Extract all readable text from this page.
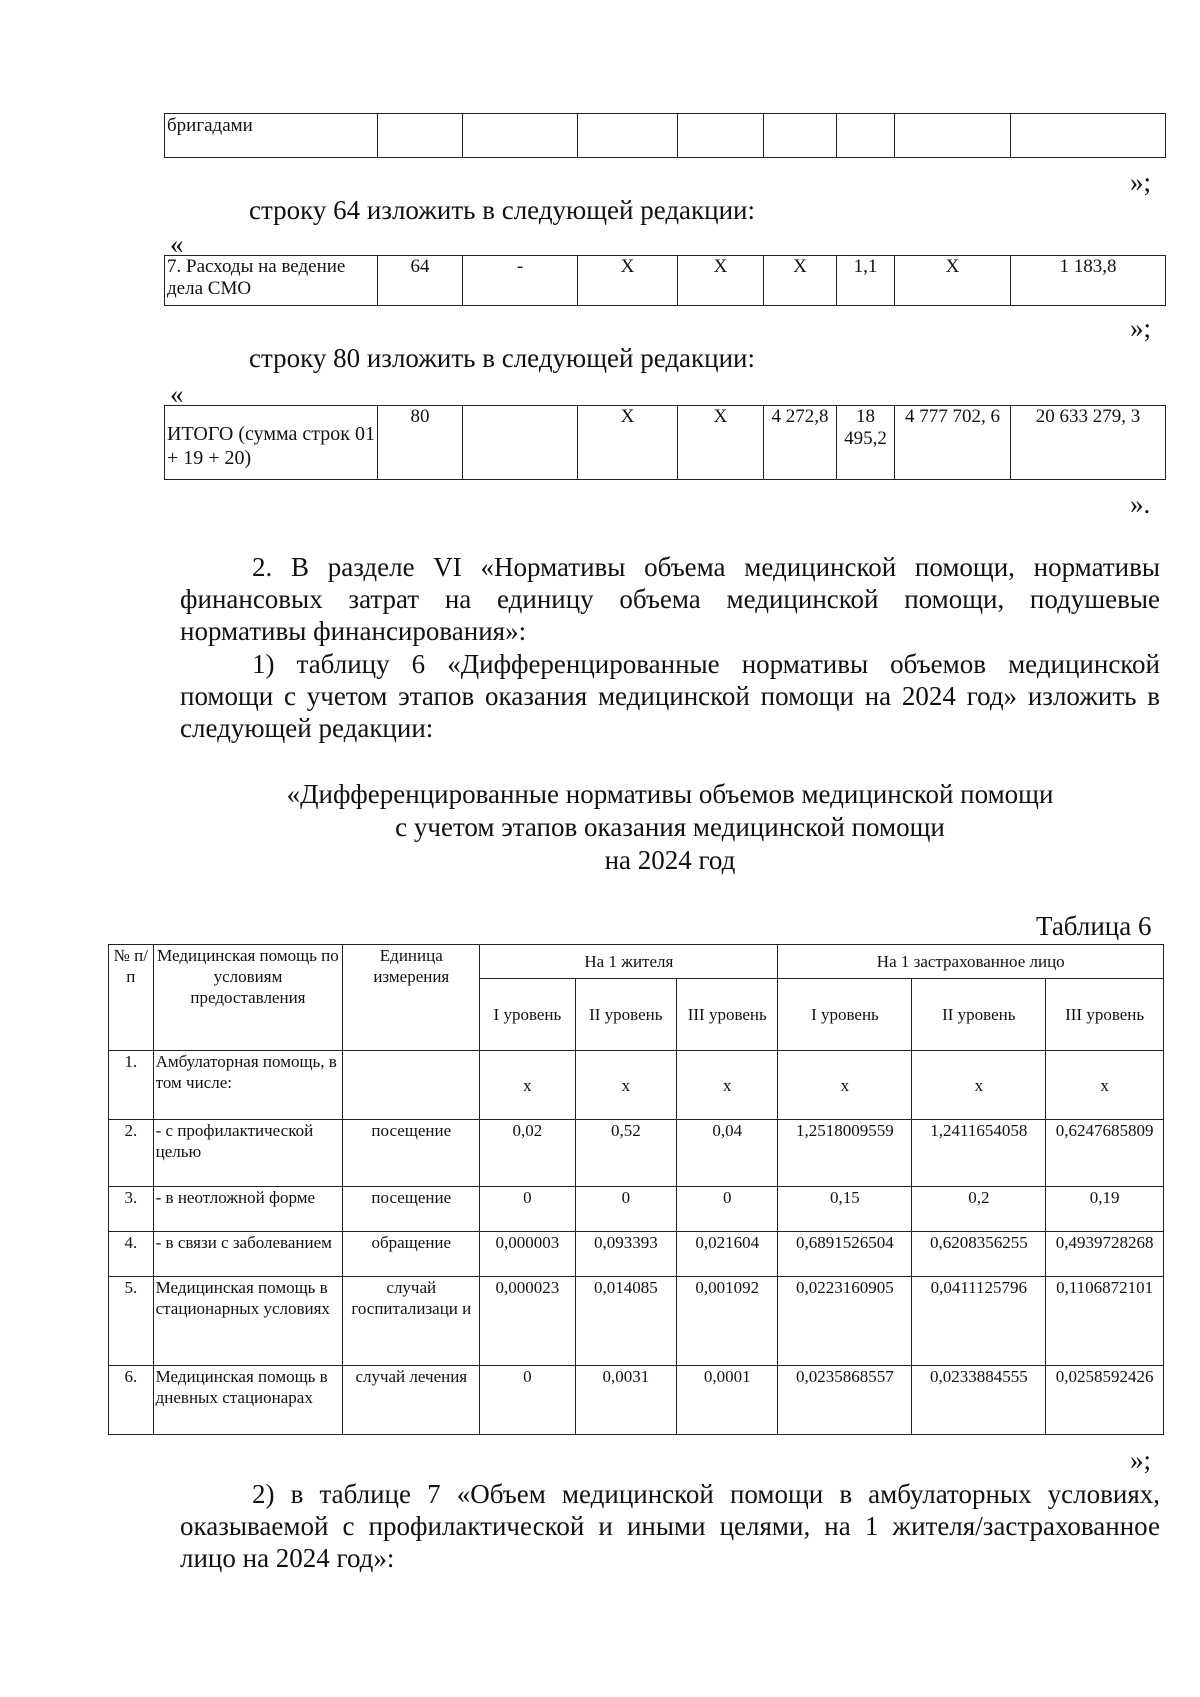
бригадами								
»;
строку 64 изложить в следующей редакции:
«
7. Расходы на ведение дела СМО	64	-	Х	Х	Х	1,1	Х	1 183,8	
»;
строку 80 изложить в следующей редакции:
«
ИТОГО (сумма строк 01 + 19 + 20)	80		Х	Х	4 272,8	18 495,2	4 777 702, 6	20 633 279, 3	
».
2. В разделе VI «Нормативы объема медицинской помощи, нормативы финансовых затрат на единицу объема медицинской помощи, подушевые нормативы финансирования»:
1) таблицу 6 «Дифференцированные нормативы объемов медицинской помощи с учетом этапов оказания медицинской помощи на 2024 год» изложить в следующей редакции:
«Дифференцированные нормативы объемов медицинской помощи
с учетом этапов оказания медицинской помощи
на 2024 год
Таблица 6
№ п/п	Медицинская помощь по условиям предоставления	Единица измерения	На 1 жителя			На 1 застрахованное лицо		
			I уровень	II уровень	III уровень	I уровень	II уровень	III уровень
1.	Амбулаторная помощь, в том числе:		х	х	х	х	х	х
2.	- с профилактической целью	посещение	0,02	0,52	0,04	1,2518009559	1,2411654058	0,6247685809
3.	- в неотложной форме	посещение	0	0	0	0,15	0,2	0,19
4.	- в связи с заболеванием	обращение	0,000003	0,093393	0,021604	0,6891526504	0,6208356255	0,4939728268
5.	Медицинская помощь в стационарных условиях	случай госпитализаци и	0,000023	0,014085	0,001092	0,0223160905	0,0411125796	0,1106872101
6.	Медицинская помощь в дневных стационарах	случай лечения	0	0,0031	0,0001	0,0235868557	0,0233884555	0,0258592426
»;
2) в таблице 7 «Объем медицинской помощи в амбулаторных условиях, оказываемой с профилактической и иными целями, на 1 жителя/застрахованное лицо на 2024 год»:
